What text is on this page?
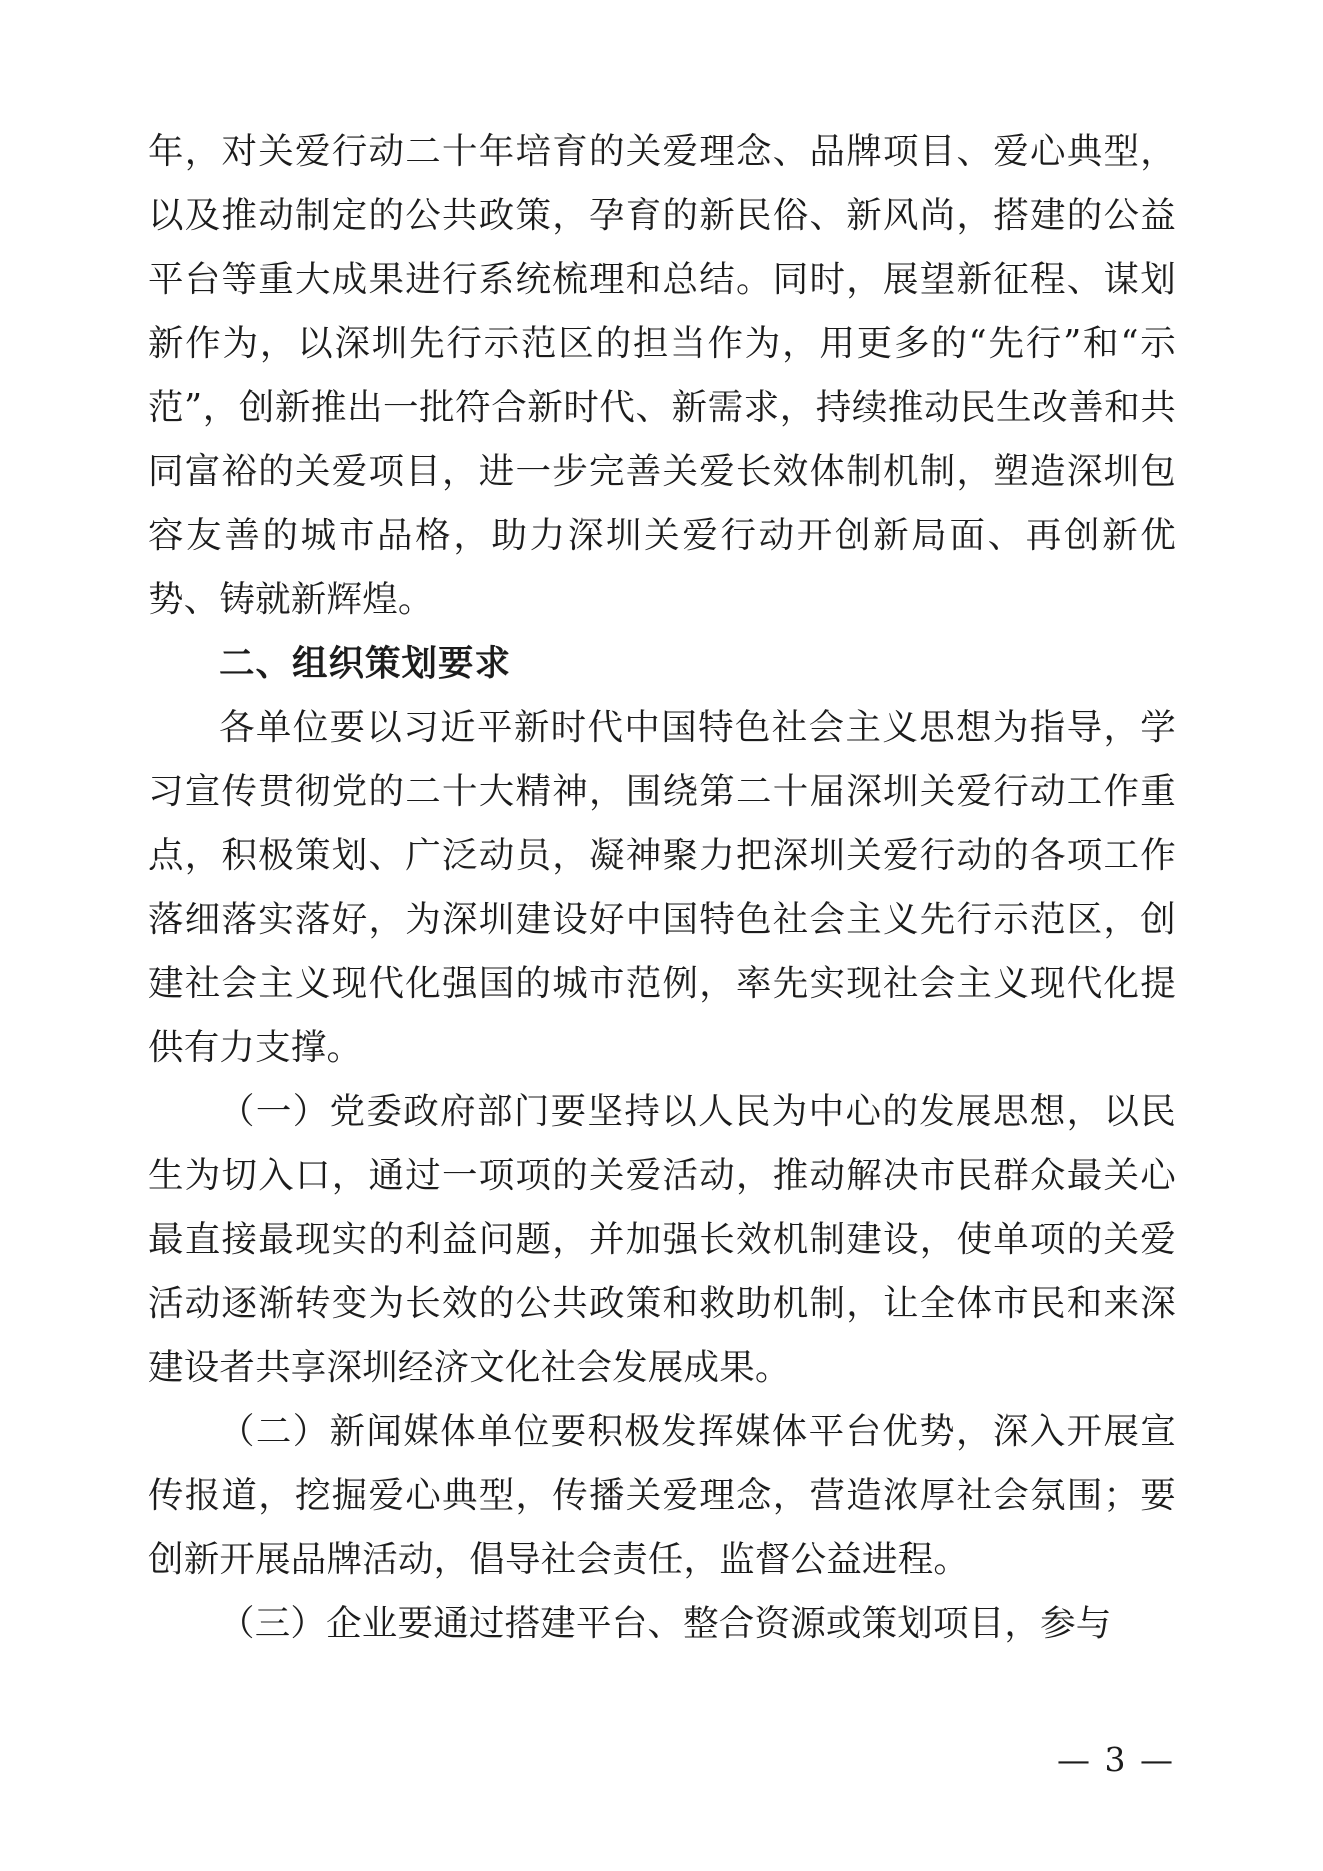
年，对关爱行动二十年培育的关爱理念、品牌项目、爱心典型，以及推动制定的公共政策，孕育的新民俗、新风尚，搭建的公益平台等重大成果进行系统梳理和总结。同时，展望新征程、谋划新作为，以深圳先行示范区的担当作为，用更多的“先行”和“示范”，创新推出一批符合新时代、新需求，持续推动民生改善和共同富裕的关爱项目，进一步完善关爱长效体制机制，塑造深圳包容友善的城市品格，助力深圳关爱行动开创新局面、再创新优势、铸就新辉煌。

二、组织策划要求

各单位要以习近平新时代中国特色社会主义思想为指导，学习宣传贯彻党的二十大精神，围绕第二十届深圳关爱行动工作重点，积极策划、广泛动员，凝神聚力把深圳关爱行动的各项工作落细落实落好，为深圳建设好中国特色社会主义先行示范区，创建社会主义现代化强国的城市范例，率先实现社会主义现代化提供有力支撑。

（一）党委政府部门要坚持以人民为中心的发展思想，以民生为切入口，通过一项项的关爱活动，推动解决市民群众最关心最直接最现实的利益问题，并加强长效机制建设，使单项的关爱活动逐渐转变为长效的公共政策和救助机制，让全体市民和来深建设者共享深圳经济文化社会发展成果。

（二）新闻媒体单位要积极发挥媒体平台优势，深入开展宣传报道，挖掘爱心典型，传播关爱理念，营造浓厚社会氛围；要创新开展品牌活动，倡导社会责任，监督公益进程。

（三）企业要通过搭建平台、整合资源或策划项目，参与

— 3 —
